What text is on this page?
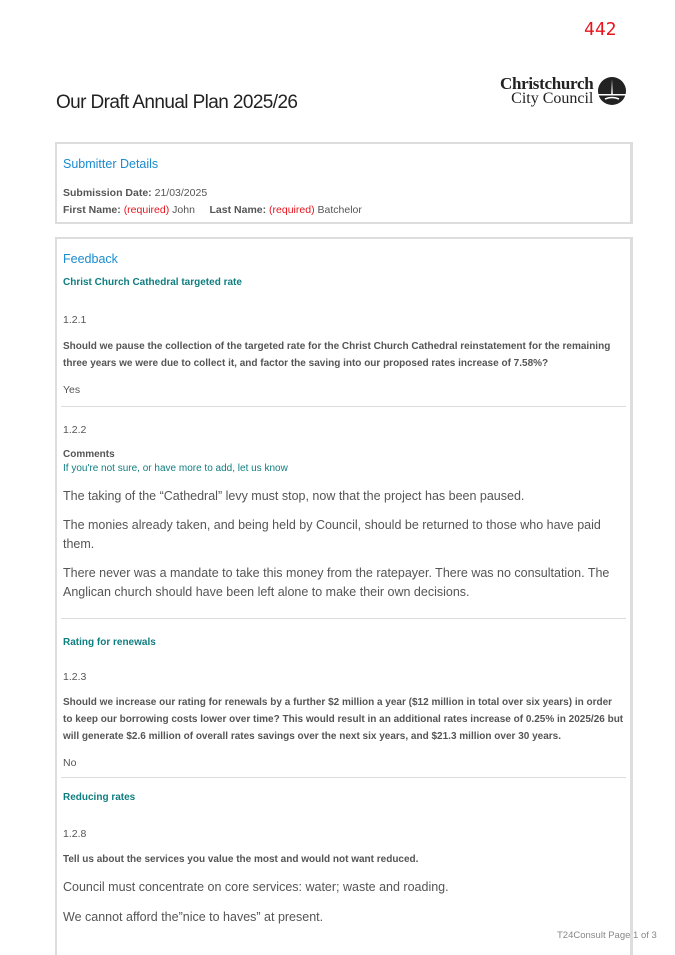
442
Our Draft Annual Plan 2025/26
Christchurch
City Council
Submitter Details
Submission Date: 21/03/2025
First Name: (required) John Last Name: (required) Batchelor
Feedback
Christ Church Cathedral targeted rate
1.2.1
Should we pause the collection of the targeted rate for the Christ Church Cathedral reinstatement for the remaining three years we were due to collect it, and factor the saving into our proposed rates increase of 7.58%?
Yes
1.2.2
Comments
If you're not sure, or have more to add, let us know
The taking of the “Cathedral” levy must stop, now that the project has been paused.
The monies already taken, and being held by Council, should be returned to those who have paid them.
There never was a mandate to take this money from the ratepayer. There was no consultation. The Anglican church should have been left alone to make their own decisions.
Rating for renewals
1.2.3
Should we increase our rating for renewals by a further $2 million a year ($12 million in total over six years) in order to keep our borrowing costs lower over time? This would result in an additional rates increase of 0.25% in 2025/26 but will generate $2.6 million of overall rates savings over the next six years, and $21.3 million over 30 years.
No
Reducing rates
1.2.8
Tell us about the services you value the most and would not want reduced.
Council must concentrate on core services: water; waste and roading.
We cannot afford the”nice to haves” at present.
T24Consult Page 1 of 3
